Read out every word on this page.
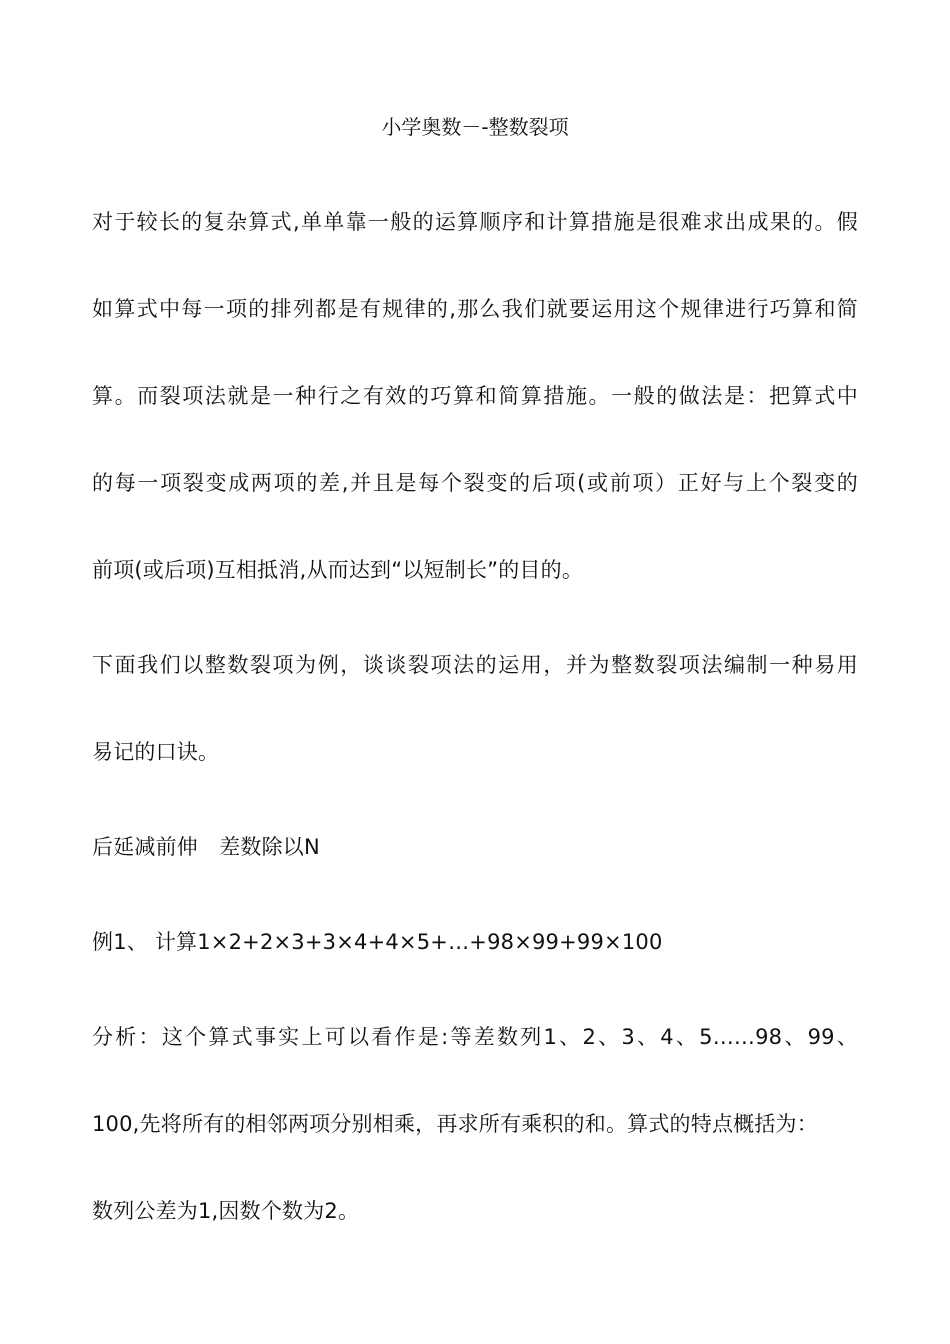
小学奥数－-整数裂项
对于较长的复杂算式,单单靠一般的运算顺序和计算措施是很难求出成果的。假
如算式中每一项的排列都是有规律的,那么我们就要运用这个规律进行巧算和简
算。而裂项法就是一种行之有效的巧算和简算措施。一般的做法是：把算式中
的每一项裂变成两项的差,并且是每个裂变的后项(或前项）正好与上个裂变的
前项(或后项)互相抵消,从而达到“以短制长”的目的。
下面我们以整数裂项为例，谈谈裂项法的运用，并为整数裂项法编制一种易用
易记的口诀。
后延减前伸　差数除以N
例1、 计算1×2+2×3+3×4+4×5+…+98×99+99×100
分析：这个算式事实上可以看作是:等差数列1、2、3、4、5……98、99、
100,先将所有的相邻两项分别相乘，再求所有乘积的和。算式的特点概括为：
数列公差为1,因数个数为2。
